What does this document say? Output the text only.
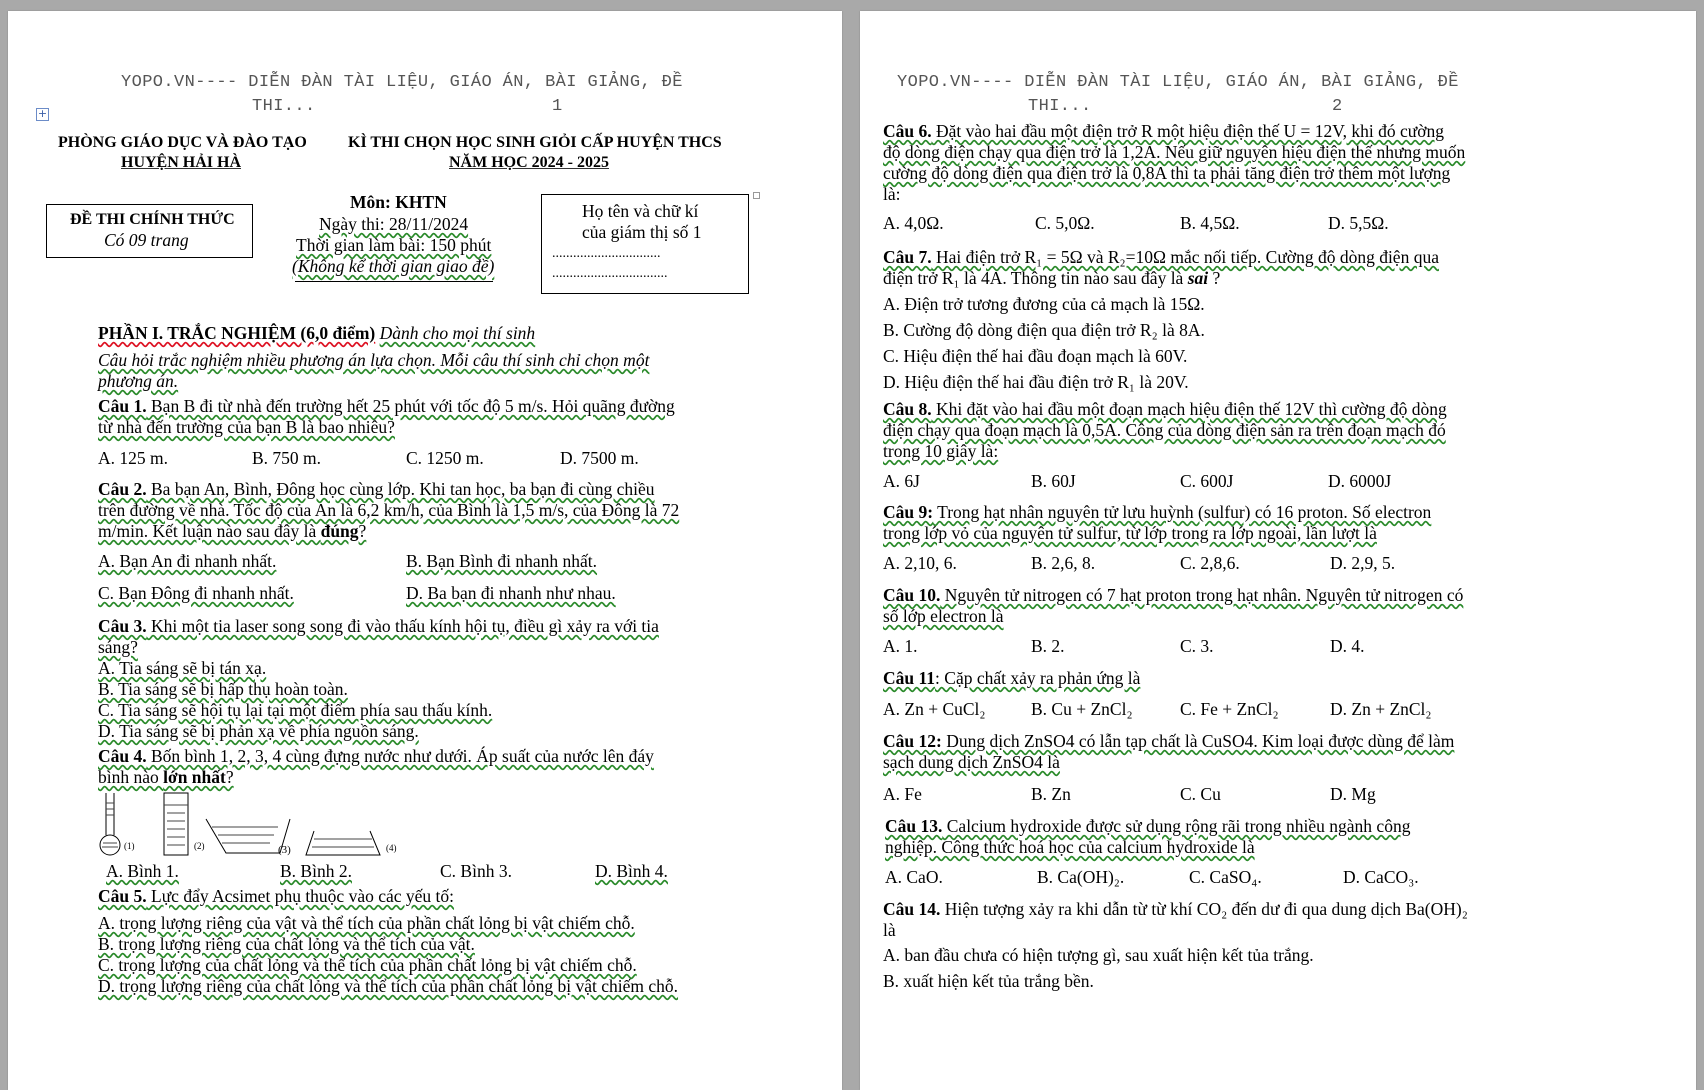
YOPO.VN---- DIỄN ĐÀN TÀI LIỆU, GIÁO ÁN, BÀI GIẢNG, ĐỀ
THI...	1
+
PHÒNG GIÁO DỤC VÀ ĐÀO TẠO
HUYỆN HẢI HÀ
KÌ THI CHỌN HỌC SINH GIỎI CẤP HUYỆN THCS
NĂM HỌC 2024 - 2025
ĐỀ THI CHÍNH THỨC
Có 09 trang
Môn: KHTN
Ngày thi: 28/11/2024
Thời gian làm bài: 150 phút
(Không kể thời gian giao đề)
Họ tên và chữ kí
của giám thị số 1
...............................
.................................
PHẦN I. TRẮC NGHIỆM (6,0 điểm) Dành cho mọi thí sinh
Câu hỏi trắc nghiệm nhiều phương án lựa chọn. Mỗi câu thí sinh chỉ chọn một
phương án.
Câu 1. Bạn B đi từ nhà đến trường hết 25 phút với tốc độ 5 m/s. Hỏi quãng đường
từ nhà đến trường của bạn B là bao nhiêu?
A. 125 m.	B. 750 m.	C. 1250 m.	D. 7500 m.
Câu 2. Ba bạn An, Bình, Đông học cùng lớp. Khi tan học, ba bạn đi cùng chiều
trên đường về nhà. Tốc độ của An là 6,2 km/h, của Bình là 1,5 m/s, của Đông là 72
m/min. Kết luận nào sau đây là đúng?
A. Bạn An đi nhanh nhất.	B. Bạn Bình đi nhanh nhất.
C. Bạn Đông đi nhanh nhất.	D. Ba bạn đi nhanh như nhau.
Câu 3. Khi một tia laser song song đi vào thấu kính hội tụ, điều gì xảy ra với tia
sáng?
A. Tia sáng sẽ bị tán xạ.
B. Tia sáng sẽ bị hấp thụ hoàn toàn.
C. Tia sáng sẽ hội tụ lại tại một điểm phía sau thấu kính.
D. Tia sáng sẽ bị phản xạ về phía nguồn sáng.
Câu 4. Bốn bình 1, 2, 3, 4 cùng đựng nước như dưới. Áp suất của nước lên đáy
bình nào lớn nhất?
(1)	(2)	(3)	(4)
A. Bình 1.	B. Bình 2.	C. Bình 3.	D. Bình 4.
Câu 5. Lực đẩy Acsimet phụ thuộc vào các yếu tố:
A. trọng lượng riêng của vật và thể tích của phần chất lỏng bị vật chiếm chỗ.
B. trọng lượng riêng của chất lỏng và thể tích của vật.
C. trọng lượng của chất lỏng và thể tích của phần chất lỏng bị vật chiếm chỗ.
D. trọng lượng riêng của chất lỏng và thể tích của phần chất lỏng bị vật chiếm chỗ.
YOPO.VN---- DIỄN ĐÀN TÀI LIỆU, GIÁO ÁN, BÀI GIẢNG, ĐỀ
THI...	2
Câu 6. Đặt vào hai đầu một điện trở R một hiệu điện thế U = 12V, khi đó cường
độ dòng điện chạy qua điện trở là 1,2A. Nếu giữ nguyên hiệu điện thế nhưng muốn
cường độ dòng điện qua điện trở là 0,8A thì ta phải tăng điện trở thêm một lượng
là:
A. 4,0Ω.	C. 5,0Ω.	B. 4,5Ω.	D. 5,5Ω.
Câu 7. Hai điện trở R₁ = 5Ω và R₂=10Ω mắc nối tiếp. Cường độ dòng điện qua
điện trở R₁ là 4A. Thông tin nào sau đây là sai ?
A. Điện trở tương đương của cả mạch là 15Ω.
B. Cường độ dòng điện qua điện trở R₂ là 8A.
C. Hiệu điện thế hai đầu đoạn mạch là 60V.
D. Hiệu điện thế hai đầu điện trở R₁ là 20V.
Câu 8. Khi đặt vào hai đầu một đoạn mạch hiệu điện thế 12V thì cường độ dòng
điện chạy qua đoạn mạch là 0,5A. Công của dòng điện sản ra trên đoạn mạch đó
trong 10 giây là:
A. 6J	B. 60J	C. 600J	D. 6000J
Câu 9: Trong hạt nhân nguyên tử lưu huỳnh (sulfur) có 16 proton. Số electron
trong lớp vỏ của nguyên tử sulfur, từ lớp trong ra lớp ngoài, lần lượt là
A. 2,10, 6.	B. 2,6, 8.	C. 2,8,6.	D. 2,9, 5.
Câu 10. Nguyên tử nitrogen có 7 hạt proton trong hạt nhân. Nguyên tử nitrogen có
số lớp electron là
A. 1.	B. 2.	C. 3.	D. 4.
Câu 11: Cặp chất xảy ra phản ứng là
A. Zn + CuCl₂	B. Cu + ZnCl₂	C. Fe + ZnCl₂	D. Zn + ZnCl₂
Câu 12: Dung dịch ZnSO4 có lẫn tạp chất là CuSO4. Kim loại được dùng để làm
sạch dung dịch ZnSO4 là
A. Fe	B. Zn	C. Cu	D. Mg
Câu 13. Calcium hydroxide được sử dụng rộng rãi trong nhiều ngành công
nghiệp. Công thức hoá học của calcium hydroxide là
A. CaO.	B. Ca(OH)₂.	C. CaSO₄.	D. CaCO₃.
Câu 14. Hiện tượng xảy ra khi dẫn từ từ khí CO₂ đến dư đi qua dung dịch Ba(OH)₂
là
A. ban đầu chưa có hiện tượng gì, sau xuất hiện kết tủa trắng.
B. xuất hiện kết tủa trắng bền.
